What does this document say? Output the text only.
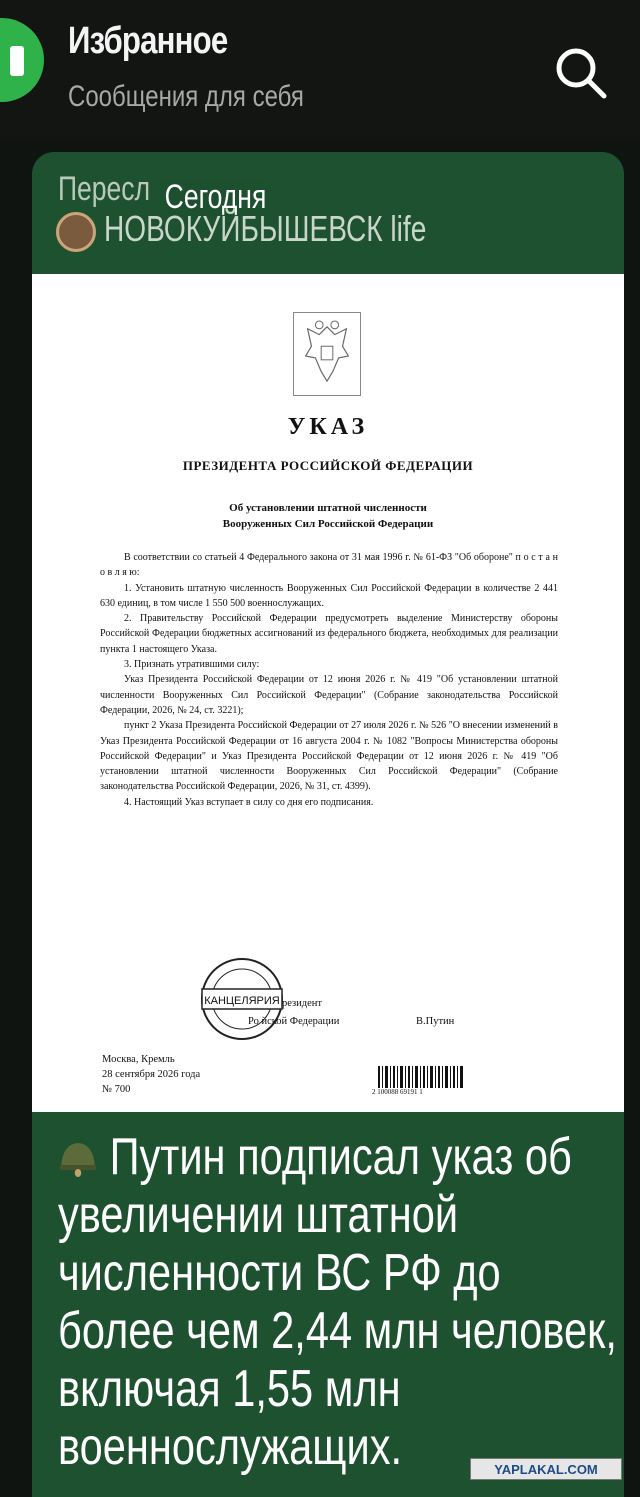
Избранное
Сообщения для себя
Пересл Сегодня
НОВОКУЙБЫШЕВСК life
УКАЗ
ПРЕЗИДЕНТА РОССИЙСКОЙ ФЕДЕРАЦИИ
Об установлении штатной численности
Вооруженных Сил Российской Федерации

В соответствии со статьей 4 Федерального закона от 31 мая 1996 г. № 61-ФЗ "Об обороне" п о с т а н о в л я ю:

1. Установить штатную численность Вооруженных Сил Российской Федерации в количестве 2 441 630 единиц, в том числе 1 550 500 военнослужащих.

2. Правительству Российской Федерации предусмотреть выделение Министерству обороны Российской Федерации бюджетных ассигнований из федерального бюджета, необходимых для реализации пункта 1 настоящего Указа.

3. Признать утратившими силу:

Указ Президента Российской Федерации от 12 июня 2026 г. № 419 "Об установлении штатной численности Вооруженных Сил Российской Федерации" (Собрание законодательства Российской Федерации, 2026, № 24, ст. 3221);

пункт 2 Указа Президента Российской Федерации от 27 июля 2026 г. № 526 "О внесении изменений в Указ Президента Российской Федерации от 16 августа 2004 г. № 1082 "Вопросы Министерства обороны Российской Федерации" и Указ Президента Российской Федерации от 12 июня 2026 г. № 419 "Об установлении штатной численности Вооруженных Сил Российской Федерации" (Собрание законодательства Российской Федерации, 2026, № 31, ст. 4399).

4. Настоящий Указ вступает в силу со дня его подписания.

КАНЦЕЛЯРИЯ резидент
Ро йской Федерации	В.Путин
Москва, Кремль
28 сентября 2026 года
№ 700	2 100088 69191 1
Путин подписал указ об увеличении штатной численности ВС РФ до более чем 2,44 млн человек, включая 1,55 млн военнослужащих.	YAPLAKAL.COM
